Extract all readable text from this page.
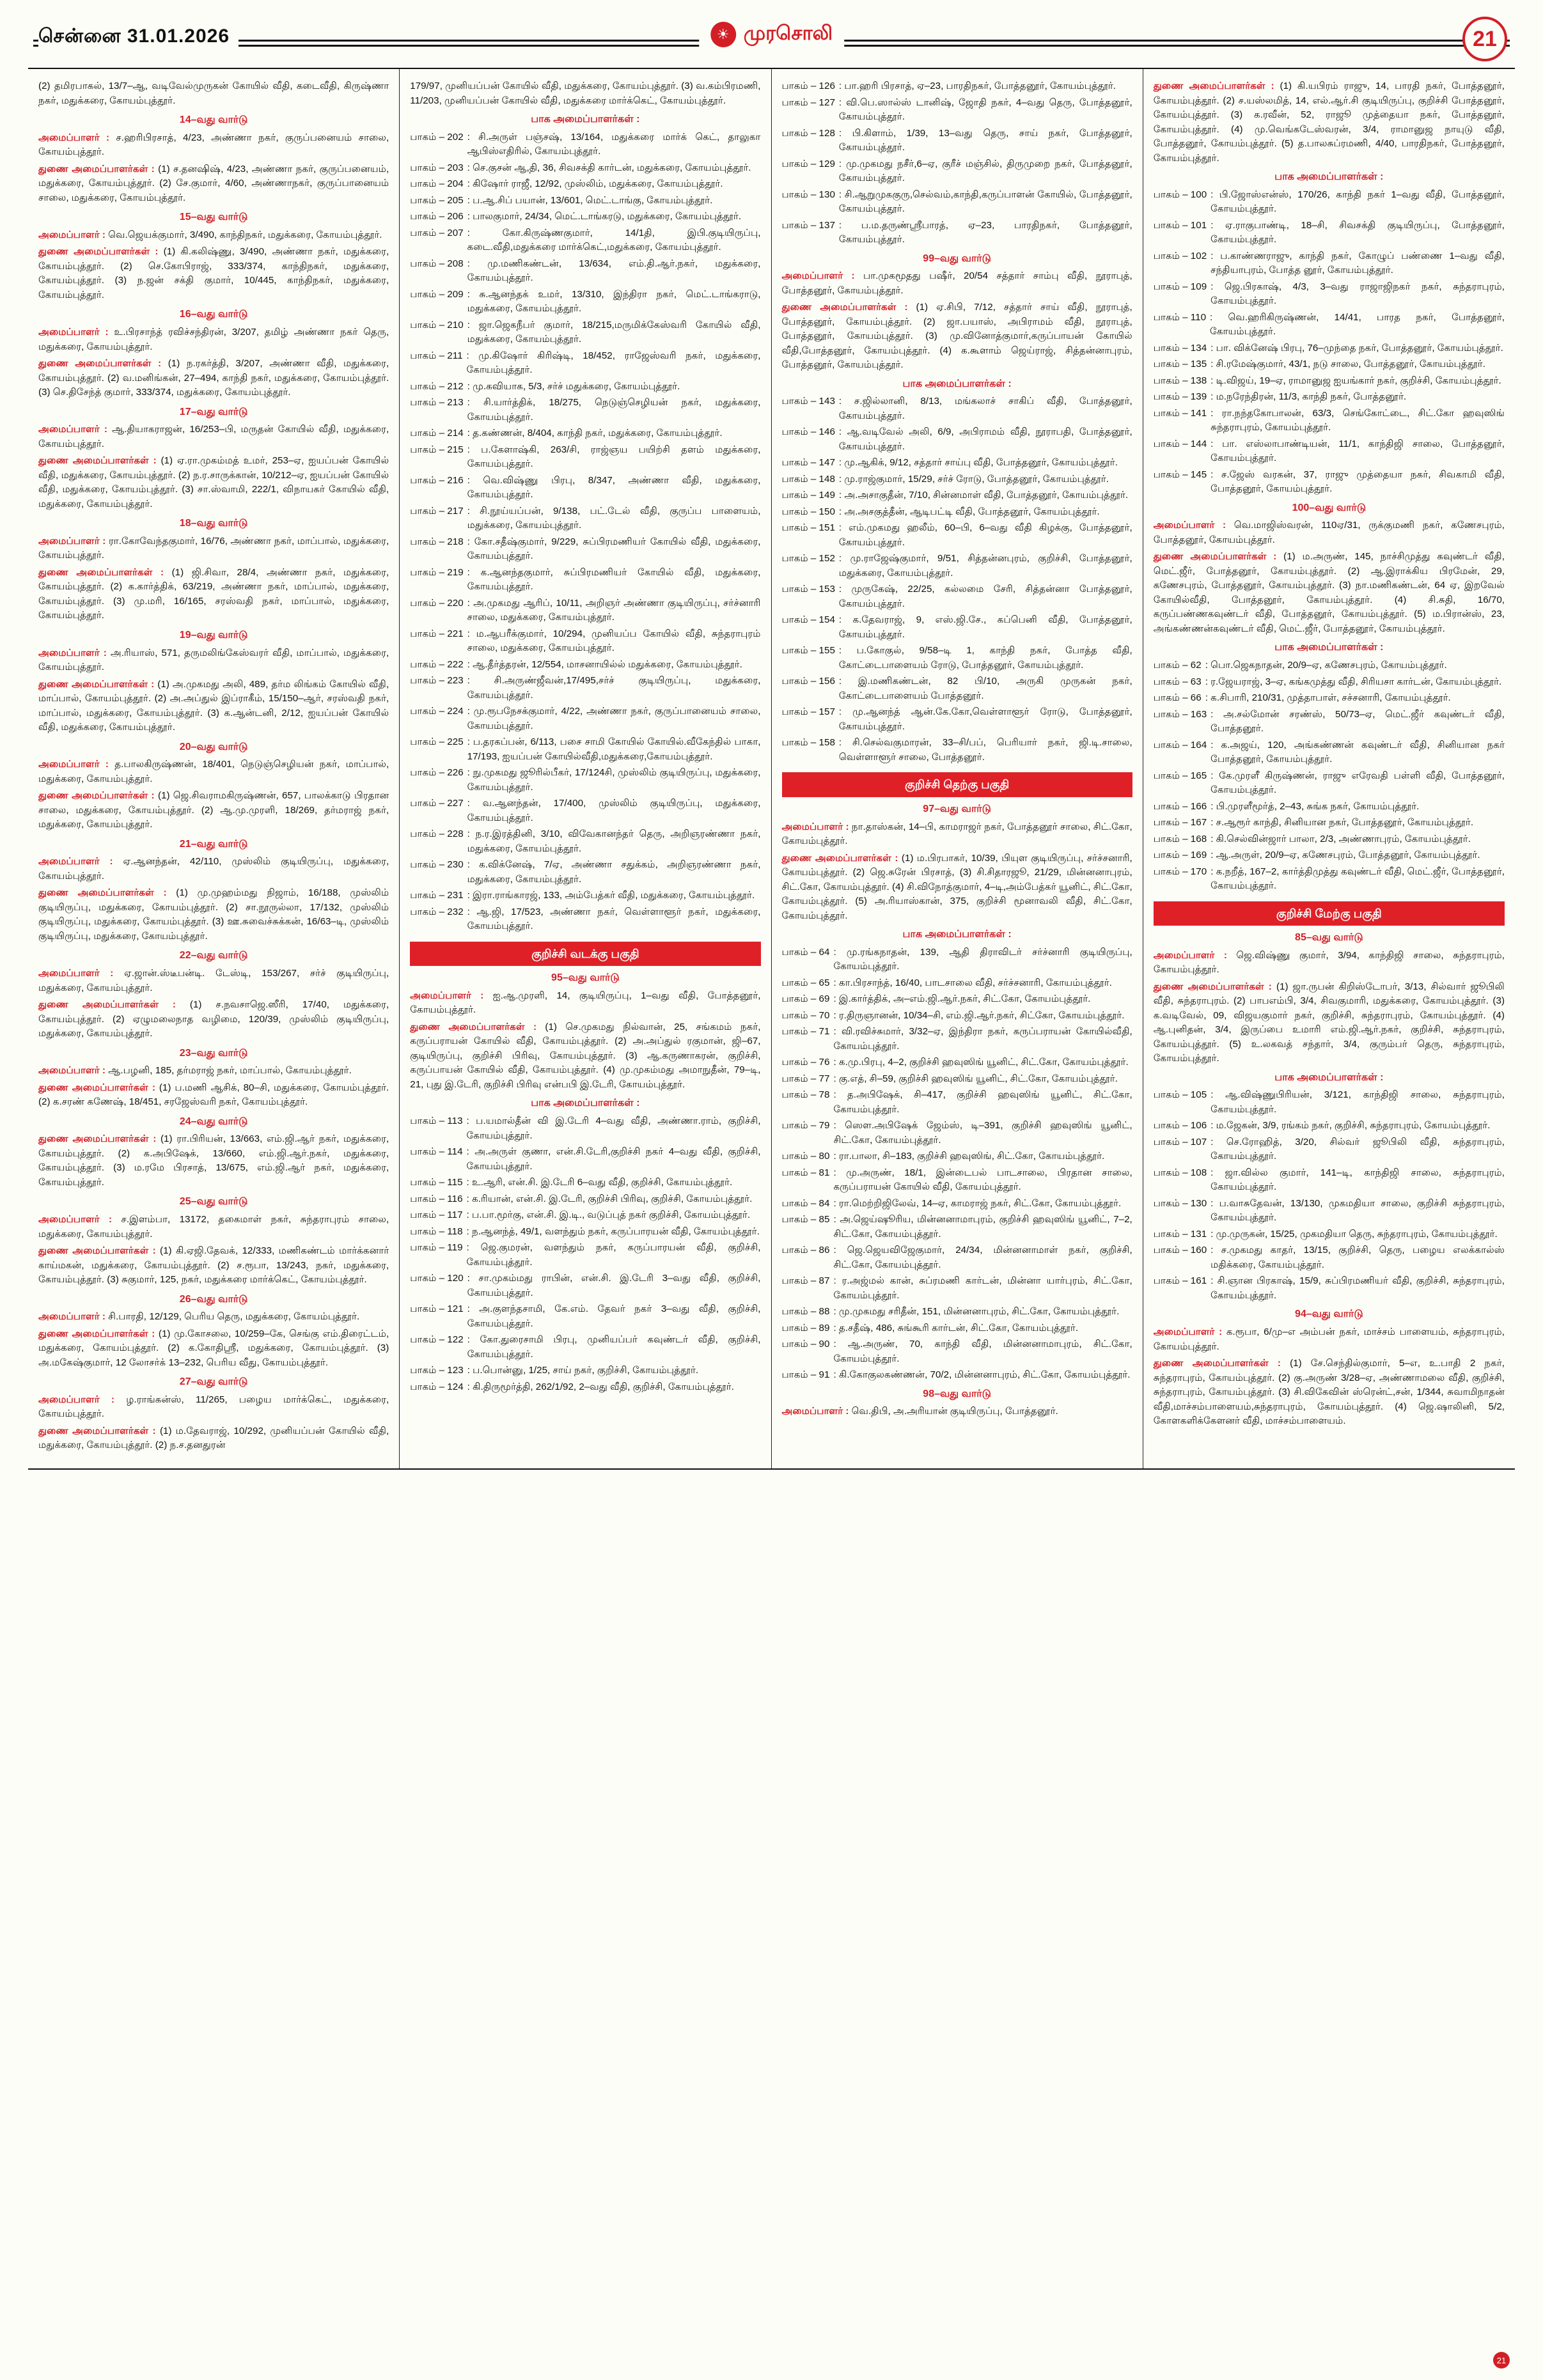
சென்னை 31.01.2026	☀ முரசொலி	21

(2) தமிரபாகல், 13/7–ஆ, வடிவேல்முருகன் கோயில் வீதி, கடைவீதி, கிருஷ்ணா நகர், மதுக்கரை, கோயம்புத்தூர்.

14–வது வார்டு

அமைப்பாளர் : ச.ஹரிபிரசாத், 4/23, அண்ணா நகர், குருப்பனையம் சாலை, கோயம்புத்தூர்.

துணை அமைப்பாளர்கள் : (1) ச.தனஷிஷ், 4/23, அண்ணா நகர், குருப்பனையம், மதுக்கரை, கோயம்புத்தூர். (2) சே.குமார், 4/60, அண்ணாநகர், குருப்பானையம் சாலை, மதுக்கரை, கோயம்புத்தூர்.

15–வது வார்டு

அமைப்பாளர் : வெ.ஜெயக்குமார், 3/490, காந்திநகர், மதுக்கரை, கோயம்புத்தூர்.

துணை அமைப்பாளர்கள் : (1) கி.கலிஷ்ணு, 3/490, அண்ணா நகர், மதுக்கரை, கோயம்புத்தூர். (2) செ.கோபிராஜ், 333/374, காந்திநகர், மதுக்கரை, கோயம்புத்தூர். (3) ந.ஜன் சக்தி குமார், 10/445, காந்திநகர், மதுக்கரை, கோயம்புத்தூர்.

16–வது வார்டு

அமைப்பாளர் : உ.பிரசாந்த் ரவிச்சந்திரன், 3/207, தமிழ் அண்ணா நகர் தெரு, மதுக்கரை, கோயம்புத்தூர்.

துணை அமைப்பாளர்கள் : (1) ந.ரகர்த்தி, 3/207, அண்ணா வீதி, மதுக்கரை, கோயம்புத்தூர். (2) வ.மனிங்கன், 27–494, காந்தி நகர், மதுக்கரை, கோயம்புத்தூர். (3) செ.திசேந்த் குமார், 333/374, மதுக்கரை, கோயம்புத்தூர்.

17–வது வார்டு

அமைப்பாளர் : ஆ.தியாகராஜன், 16/253–பி, மருதன் கோயில் வீதி, மதுக்கரை, கோயம்புத்தூர்.

துணை அமைப்பாளர்கள் : (1) ஏ.ரா.முகம்மத் உமர், 253–ஏ, ஐயப்பன் கோயில் வீதி, மதுக்கரை, கோயம்புத்தூர். (2) ந.ர.சாருக்கான், 10/212–ஏ, ஐயப்பன் கோயில் வீதி, மதுக்கரை, கோயம்புத்தூர். (3) சா.ஸ்வாமி, 222/1, விநாயகர் கோயில் வீதி, மதுக்கரை, கோயம்புத்தூர்.

18–வது வார்டு

அமைப்பாளர் : ரா.கோவேந்தகுமார், 16/76, அண்ணா நகர், மாப்பால், மதுக்கரை, கோயம்புத்தூர்.

துணை அமைப்பாளர்கள் : (1) ஜி.சிவா, 28/4, அண்ணா நகர், மதுக்கரை, கோயம்புத்தூர். (2) க.கார்த்திக், 63/219, அண்ணா நகர், மாப்பால், மதுக்கரை, கோயம்புத்தூர். (3) மு.மரி, 16/165, சரஸ்வதி நகர், மாப்பால், மதுக்கரை, கோயம்புத்தூர்.

19–வது வார்டு

அமைப்பாளர் : அ.ரியாஸ், 571, தருமலிங்கேஸ்வரர் வீதி, மாப்பால், மதுக்கரை, கோயம்புத்தூர்.

துணை அமைப்பாளர்கள் : (1) அ.முகமது அலி, 489, தர்ம லிங்கம் கோயில் வீதி, மாப்பால், கோயம்புத்தூர். (2) அ.அப்துல் இப்ராகீம், 15/150–ஆர், சரஸ்வதி நகர், மாப்பால், மதுக்கரை, கோயம்புத்தூர். (3) க.ஆன்டனி, 2/12, ஐயப்பன் கோயில் வீதி, மதுக்கரை, கோயம்புத்தூர்.

20–வது வார்டு

அமைப்பாளர் : த.பாலகிருஷ்ணன், 18/401, நெடுஞ்செழியன் நகர், மாப்பால், மதுக்கரை, கோயம்புத்தூர்.

துணை அமைப்பாளர்கள் : (1) ஜெ.சிவராமகிருஷ்ணன், 657, பாலக்காடு பிரதான சாலை, மதுக்கரை, கோயம்புத்தூர். (2) ஆ.மு.முரளி, 18/269, தர்மராஜ் நகர், மதுக்கரை, கோயம்புத்தூர்.

21–வது வார்டு

அமைப்பாளர் : ஏ.ஆனந்தன், 42/110, முஸ்லிம் குடியிருப்பு, மதுக்கரை, கோயம்புத்தூர்.

துணை அமைப்பாளர்கள் : (1) மு.முஹம்மது நிஜாம், 16/188, முஸ்லிம் குடியிருப்பு, மதுக்கரை, கோயம்புத்தூர். (2) சா.நூருல்லா, 17/132, முஸ்லிம் குடியிருப்பு, மதுக்கரை, கோயம்புத்தூர். (3) ஊ.சுவைச்சுக்கன், 16/63–டி, முஸ்லிம் குடியிருப்பு, மதுக்கரை, கோயம்புத்தூர்.

22–வது வார்டு

அமைப்பாளர் : ஏ.ஜான்.ஸ்டீபன்டி. டேஸ்டி, 153/267, சர்ச் குடியிருப்பு, மதுக்கரை, கோயம்புத்தூர்.

துணை அமைப்பாளர்கள் : (1) ச.நவசாஜெ.ஸீரி, 17/40, மதுக்கரை, கோயம்புத்தூர். (2) ஏழுமலைநாத வழிமை, 120/39, முஸ்லிம் குடியிருப்பு, மதுக்கரை, கோயம்புத்தூர்.

23–வது வார்டு

அமைப்பாளர் : ஆ.பழனி, 185, தர்மராஜ் நகர், மாப்பால், கோயம்புத்தூர்.

துணை அமைப்பாளர்கள் : (1) ப.மணி ஆசிக், 80–சி, மதுக்கரை, கோயம்புத்தூர். (2) க.சரண் கணேஷ், 18/451, சரஜேஸ்வரி நகர், கோயம்புத்தூர்.

24–வது வார்டு

துணை அமைப்பாளர்கள் : (1) ரா.பிரியன், 13/663, எம்.ஜி.ஆர் நகர், மதுக்கரை, கோயம்புத்தூர். (2) க.அபிஷேக், 13/660, எம்.ஜி.ஆர்.நகர், மதுக்கரை, கோயம்புத்தூர். (3) ம.ரமே பிரசாத், 13/675, எம்.ஜி.ஆர் நகர், மதுக்கரை, கோயம்புத்தூர்.

25–வது வார்டு

அமைப்பாளர் : ச.இளம்பா, 13172, தகைமாள் நகர், சுந்தராபுரம் சாலை, மதுக்கரை, கோயம்புத்தூர்.

துணை அமைப்பாளர்கள் : (1) கி.ஏஜி.தேவக், 12/333, மணிகண்டம் மார்க்கனார் காய்மகன், மதுக்கரை, கோயம்புத்தூர். (2) ச.ரூபா, 13/243, நகர், மதுக்கரை, கோயம்புத்தூர். (3) சுகுமார், 125, நகர், மதுக்கரை மார்க்கெட், கோயம்புத்தூர்.

26–வது வார்டு

அமைப்பாளர் : சி.பாரதி, 12/129, பெரிய தெரு, மதுக்கரை, கோயம்புத்தூர்.

துணை அமைப்பாளர்கள் : (1) மு.கோசலை, 10/259–கே, செங்கு எம்.திரைட்டம், மதுக்கரை, கோயம்புத்தூர். (2) க.கோதிஸ்ரீ, மதுக்கரை, கோயம்புத்தூர். (3) அ.மகேஷ்குமார், 12 லோசர்க் 13–232, பெரிய வீது, கோயம்புத்தூர்.

27–வது வார்டு

அமைப்பாளர் : ழ.ராங்கன்ஸ், 11/265, பழைய மார்க்கெட், மதுக்கரை, கோயம்புத்தூர்.

துணை அமைப்பாளர்கள் : (1) ம.தேவராஜ், 10/292, முனியப்பன் கோயில் வீதி, மதுக்கரை, கோயம்புத்தூர். (2) ந.ச.தனதுரன்

179/97, முனியப்பன் கோயில் வீதி, மதுக்கரை, கோயம்புத்தூர். (3) வ.கம்பிரமணி, 11/203, முனியப்பன் கோயில் வீதி, மதுக்கரை மார்க்கெட், கோயம்புத்தூர்.

பாக அமைப்பாளர்கள் :
பாகம் – 202 : சி.அருள் பஞ்சஷ், 13/164, மதுக்கரை மார்க் கெட், தாலுகா ஆபிஸ்எதிரில், கோயம்புத்தூர்.
பாகம் – 203 : செ.குசன் ஆ,தி, 36, சிவசக்தி கார்டன், மதுக்கரை, கோயம்புத்தூர்.
பாகம் – 204 : கிஷோர் ராஜீ, 12/92, முஸ்லிம், மதுக்கரை, கோயம்புத்தூர்.
பாகம் – 205 : ப.ஆ.சிப் பயான், 13/601, மெட்.டாங்கு, கோயம்புத்தூர்.
பாகம் – 206 : பாலகுமார், 24/34, மெட்.டாங்கரடு, மதுக்கரை, கோயம்புத்தூர்.
பாகம் – 207 : கோ.கிருஷ்ணகுமார், 14/1தி, இபி.குடியிருப்பு, கடை.வீதி,மதுக்கரை மார்க்கெட்,மதுக்கரை, கோயம்புத்தூர்.
பாகம் – 208 : மு.மணிகண்டன், 13/634, எம்.தி.ஆர்.நகர், மதுக்கரை, கோயம்புத்தூர்.
பாகம் – 209 : சு.ஆனந்தக் உமர், 13/310, இந்திரா நகர், மெட்.டாங்கராடு, மதுக்கரை, கோயம்புத்தூர்.
பாகம் – 210 : ஜா.ஜெகநீபர் குமார், 18/215,மருமிக்கேஸ்வரி கோயில் வீதி, மதுக்கரை, கோயம்புத்தூர்.
பாகம் – 211 : மு.கிஷோர் கிரிஷ்டி, 18/452, ராஜேஸ்வரி நகர், மதுக்கரை, கோயம்புத்தூர்.
பாகம் – 212 : மு.கவியாக, 5/3, சர்ச் மதுக்கரை, கோயம்புத்தூர்.
பாகம் – 213 : சி.யார்த்திக், 18/275, நெடுஞ்செழியன் நகர், மதுக்கரை, கோயம்புத்தூர்.
பாகம் – 214 : த.கண்ணன், 8/404, காந்தி நகர், மதுக்கரை, கோயம்புத்தூர்.
பாகம் – 215 : ப.கேளாஷ்கி, 263/சி, ராஜ்ஞய பயிற்சி தளம் மதுக்கரை, கோயம்புத்தூர்.
பாகம் – 216 : வெ.விஷ்ணு பிரபு, 8/347, அண்ணா வீதி, மதுக்கரை, கோயம்புத்தூர்.
பாகம் – 217 : சி.நூய்யப்பன், 9/138, பட்.டேல் வீதி, குருப்ப பாளையம், மதுக்கரை, கோயம்புத்தூர்.
பாகம் – 218 : கோ.சதீஷ்குமார், 9/229, சுப்பிரமணியர் கோயில் வீதி, மதுக்கரை, கோயம்புத்தூர்.
பாகம் – 219 : க.ஆனந்தகுமார், சுப்பிரமணியர் கோயில் வீதி, மதுக்கரை, கோயம்புத்தூர்.
பாகம் – 220 : அ.முகமது ஆரிப், 10/11, அறிஞர் அண்ணா குடியிருப்பு, சர்ச்னாரி சாலை, மதுக்கரை, கோயம்புத்தூர்.
பாகம் – 221 : ம.ஆபரீக்குமார், 10/294, முனியப்ப கோயில் வீதி, சுந்தராபுரம் சாலை, மதுக்கரை, கோயம்புத்தூர்.
பாகம் – 222 : ஆ.தீர்த்தரன், 12/554, மாசனாயில்ல் மதுக்கரை, கோயம்புத்தூர்.
பாகம் – 223 : சி.அருண்ஜீவன்,17/495,சர்ச் குடியிருப்பு, மதுக்கரை, கோயம்புத்தூர்.
பாகம் – 224 : மு.ரூபநேசக்குமார், 4/22, அண்ணா நகர், குருப்பானையம் சாலை, கோயம்புத்தூர்.
பாகம் – 225 : ப.தரகப்பன், 6/113, பசை சாமி கோயில் கோயில்.வீகேந்தில் பாகா, 17/193, ஐயப்பன் கோயில்வீதி,மதுக்கரை,கோயம்புத்தூர்.
பாகம் – 226 : நு.முகமது ஜூரில்பீகர், 17/124சி, முஸ்லிம் குடியிருப்பு, மதுக்கரை, கோயம்புத்தூர்.
பாகம் – 227 : வ.ஆனந்தன், 17/400, முஸ்லிம் குடியிருப்பு, மதுக்கரை, கோயம்புத்தூர்.
பாகம் – 228 : ந.ர.இரத்தினி, 3/10, விவேகானந்தர் தெரு, அறிஞரண்ணா நகர், மதுக்கரை, கோயம்புத்தூர்.
பாகம் – 230 : க.விக்னேஷ், 7/ஏ, அண்ணா சதுக்கம், அறிஞரண்ணா நகர், மதுக்கரை, கோயம்புத்தூர்.
பாகம் – 231 : இரா.ராங்காரஜ், 133, அம்பேத்கர் வீதி, மதுக்கரை, கோயம்புத்தூர்.
பாகம் – 232 : ஆ.ஜி, 17/523, அண்ணா நகர், வெள்ளாளூர் நகர், மதுக்கரை, கோயம்புத்தூர்.
குறிச்சி வடக்கு பகுதி
95–வது வார்டு

அமைப்பாளர் : ஐ.ஆ.முரளி, 14, குடியிருப்பு, 1–வது வீதி, போத்தனூர், கோயம்புத்தூர்.

துணை அமைப்பாளர்கள் : (1) செ.முகமது நில்வான், 25, சங்கமம் நகர், கருப்பராயன் கோயில் வீதி, கோயம்புத்தூர். (2) அ.அப்துல் ரகுமான், ஜி–67, குடியிருப்பு, குறிச்சி பிரிவு, கோயம்புத்தூர். (3) ஆ.கருணாகரன், குறிச்சி, கருப்பாயன் கோயில் வீதி, கோயம்புத்தூர். (4) மு.முகம்மது அமாநுதீன், 79–டி, 21, புது இ.டேரி, குறிச்சி பிரிவு என்பபி இ.டேரி, கோயம்புத்தூர்.

பாக அமைப்பாளர்கள் :
பாகம் – 113 : ப.யமால்தீன் வி இ.டேரி 4–வது வீதி, அண்ணா.ராம், குறிச்சி, கோயம்புத்தூர்.
பாகம் – 114 : அ.அருள் குணா, என்.சி.டேரி,குறிச்சி நகர் 4–வது வீதி, குறிச்சி, கோயம்புத்தூர்.
பாகம் – 115 : உ.ஆரி, என்.சி. இ.டேரி 6–வது வீதி, குறிச்சி, கோயம்புத்தூர்.
பாகம் – 116 : க.ரியான், என்.சி. இ.டேரி, குறிச்சி பிரிவு, குறிச்சி, கோயம்புத்தூர்.
பாகம் – 117 : ப.பா.மூர்கு, என்.சி. இ.டி., வடுப்புத் நகர் குறிச்சி, கோயம்புத்தூர்.
பாகம் – 118 : ந.ஆனந்த், 49/1, வளந்தும் நகர், கருப்பாரயன் வீதி, கோயம்புத்தூர்.
பாகம் – 119 : ஜெ.குமரன், வளந்தும் நகர், கருப்பாரயன் வீதி, குறிச்சி, கோயம்புத்தூர்.
பாகம் – 120 : சா.முகம்மது ராபின், என்.சி. இ.டேரி 3–வது வீதி, குறிச்சி, கோயம்புத்தூர்.
பாகம் – 121 : அ.குளந்தசாமி, கே.எம். தேவர் நகர் 3–வது வீதி, குறிச்சி, கோயம்புத்தூர்.
பாகம் – 122 : கோ.துரைசாமி பிரபு, முனியப்பர் கவுண்டர் வீதி, குறிச்சி, கோயம்புத்தூர்.
பாகம் – 123 : ப.பொன்னு, 1/25, சாய் நகர், குறிச்சி, கோயம்புத்தூர்.
பாகம் – 124 : கி.திருமூர்த்தி, 262/1/92, 2–வது வீதி, குறிச்சி, கோயம்புத்தூர்.
பாகம் – 126 : பா.ஹரி பிரசாத், ஏ–23, பாரதிநகர், போத்தனூர், கோயம்புத்தூர்.
பாகம் – 127 : வி.பெ.ஸால்ஸ் டானிஷ், ஜோதி நகர், 4–வது தெரு, போத்தனூர், கோயம்புத்தூர்.
பாகம் – 128 : பி.கிளாம், 1/39, 13–வது தெரு, சாய் நகர், போத்தனூர், கோயம்புத்தூர்.
பாகம் – 129 : மு.முகமது நசீர்,6–ஏ, குரீச் மஞ்சில், திருமுறை நகர், போத்தனூர், கோயம்புத்தூர்.
பாகம் – 130 : சி.ஆறுமுககுரு,செல்வம்,காந்தி,கருப்பாளன் கோயில், போத்தனூர், கோயம்புத்தூர்.
பாகம் – 137 : ப.ம.தருண்ஸ்ரீபாரத், ஏ–23, பாரதிநகர், போத்தனூர், கோயம்புத்தூர்.
99–வது வார்டு

அமைப்பாளர் : பா.முகமூதது பஷீர், 20/54 சத்தார் சாம்பு வீதி, நூராபுத், போத்தனூர், கோயம்புத்தூர்.

துணை அமைப்பாளர்கள் : (1) ஏ.சிபி, 7/12, சத்தார் சாய் வீதி, நூராபுத், போத்தனூர், கோயம்புத்தூர். (2) ஜா.பயாஸ், அபிராமம் வீதி, நூராபுத், போத்தனூர், கோயம்புத்தூர். (3) மு.வினோத்குமார்,கருப்பாயன் கோயில் வீதி,போத்தனூர், கோயம்புத்தூர். (4) க.கூளாம் ஜெய்ராஜ், சித்தன்னாபுரம், போத்தனூர், கோயம்புத்தூர்.

பாக அமைப்பாளர்கள் :
பாகம் – 143 : ச.ஜில்லானி, 8/13, மங்கலாச் சாகிப் வீதி, போத்தனூர், கோயம்புத்தூர்.
பாகம் – 146 : ஆ.வடிவேல் அலி, 6/9, அபிராமம் வீதி, நூராபதி, போத்தனூர், கோயம்புத்தூர்.
பாகம் – 147 : மு.ஆகிக், 9/12, சத்தார் சாய்பு வீதி, போத்தனூர், கோயம்புத்தூர்.
பாகம் – 148 : மு.ராஜ்குமார், 15/29, சர்ச் ரோடு, போத்தனூர், கோயம்புத்தூர்.
பாகம் – 149 : அ.அசாகுதீன், 7/10, சின்னமாள் வீதி, போத்தனூர், கோயம்புத்தூர்.
பாகம் – 150 : அ.அசகுத்தீன், ஆடிபட்டி வீதி, போத்தனூர், கோயம்புத்தூர்.
பாகம் – 151 : எம்.முகமது ஹலீம், 60–பி, 6–வது வீதி கிழக்கு, போத்தனூர், கோயம்புத்தூர்.
பாகம் – 152 : மு.ராஜேஷ்குமார், 9/51, சித்தன்னபுரம், குறிச்சி, போத்தனூர், மதுக்கரை, கோயம்புத்தூர்.
பாகம் – 153 : முருகேஷ், 22/25, கல்லமை சேரி, சித்தன்னா போத்தனூர், கோயம்புத்தூர்.
பாகம் – 154 : க.தேவராஜ், 9, எஸ்.ஜி.சே., கப்பெனி வீதி, போத்தனூர், கோயம்புத்தூர்.
பாகம் – 155 : ப.கோகுல், 9/58–டி 1, காந்தி நகர், போத்த வீதி, கோட்டைபாளையம் ரோடு, போத்தனூர், கோயம்புத்தூர்.
பாகம் – 156 : இ.மணிகண்டன், 82 பி/10, அருகி முருகன் நகர், கோட்டைபாளையம் போத்தனூர்.
பாகம் – 157 : மு.ஆனந்த் ஆன்.கே.கோ,வெள்ளாளூர் ரோடு, போத்தனூர், கோயம்புத்தூர்.
பாகம் – 158 : சி.செல்வகுமாரன், 33–சி/பப், பெரியார் நகர், ஜி.டி.சாலை, வெள்ளாளூர் சாலை, போத்தனூர்.
குறிச்சி தெற்கு பகுதி
97–வது வார்டு

அமைப்பாளர் : நா.தாஸ்கன், 14–பி, காமராஜர் நகர், போத்தனூர் சாலை, சிட்.கோ, கோயம்புத்தூர்.

துணை அமைப்பாளர்கள் : (1) ம.பிரபாகர், 10/39, பியுள குடியிருப்பு, சர்ச்சனாரி, கோயம்புத்தூர். (2) ஜெ.சுரேன் பிரசாத், (3) சி.சிதாரஜூ, 21/29, மின்னனாபுரம், சிட்.கோ, கோயம்புத்தூர். (4) சி.விநோத்குமார், 4–டி,அம்பேத்கர் யூனிட், சிட்.கோ, கோயம்புத்தூர். (5) அ.ரியாஸ்கான், 375, குறிச்சி மூனாவலி வீதி, சிட்.கோ, கோயம்புத்தூர்.

பாக அமைப்பாளர்கள் :
பாகம் – 64 : மு.ரங்கநாதன், 139, ஆதி திராவிடர் சர்ச்னாரி குடியிருப்பு, கோயம்புத்தூர்.
பாகம் – 65 : கா.பிரசாந்த், 16/40, பாடசாலை வீதி, சர்ச்சனாரி, கோயம்புத்தூர்.
பாகம் – 69 : இ.கார்த்திக், அ–எம்.ஜி.ஆர்.நகர், சிட்.கோ, கோயம்புத்தூர்.
பாகம் – 70 : ர.திருஞானன், 10/34–சி, எம்.ஜி.ஆர்.நகர், சிட்கோ, கோயம்புத்தூர்.
பாகம் – 71 : வி.ரவிச்சுமார், 3/32–ஏ, இந்திரா நகர், கருப்பராயன் கோயில்வீதி, கோயம்புத்தூர்.
பாகம் – 76 : க.மு.பிரபு, 4–2, குறிச்சி ஹவுஸிங் யூனிட், சிட்.கோ, கோயம்புத்தூர்.
பாகம் – 77 : கு.எத், சி–59, குறிச்சி ஹவுஸிங் யூனிட், சிட்.கோ, கோயம்புத்தூர்.
பாகம் – 78 : த.அபிஷேக், சி–417, குறிச்சி ஹவுஸிங் யூனிட், சிட்.கோ, கோயம்புத்தூர்.
பாகம் – 79 : ஸௌ.அபிஷேக் ஜேம்ஸ், டி–391, குறிச்சி ஹவுஸிங் யூனிட், சிட்.கோ, கோயம்புத்தூர்.
பாகம் – 80 : ரா.பாலா, சி–183, குறிச்சி ஹவுஸிங், சிட்.கோ, கோயம்புத்தூர்.
பாகம் – 81 : மு.அருண், 18/1, இன்டைபல் பாடசாலை, பிரதான சாலை, கருப்பராயன் கோயில் வீதி, கோயம்புத்தூர்.
பாகம் – 84 : ரா.மெற்றிஜிலேவ், 14–ஏ, காமராஜ் நகர், சிட்.கோ, கோயம்புத்தூர்.
பாகம் – 85 : அ.ஜெய்ஷூரிய, மின்னனாமாபுரம், குறிச்சி ஹவுஸிங் யூனிட், 7–2, சிட்.கோ, கோயம்புத்தூர்.
பாகம் – 86 : ஜெ.ஜெயவிஜேகுமார், 24/34, மின்னனாமாள் நகர், குறிச்சி, சிட்.கோ, கோயம்புத்தூர்.
பாகம் – 87 : ர.அஜ்மல் கான், சுப்ரமணி கார்டன், மின்னா யார்புரம், சிட்.கோ, கோயம்புத்தூர்.
பாகம் – 88 : மு.முகமது சரிதீன், 151, மின்னனாபுரம், சிட்.கோ, கோயம்புத்தூர்.
பாகம் – 89 : த.சதீஷ், 486, சுங்கூரி கார்டன், சிட்.கோ, கோயம்புத்தூர்.
பாகம் – 90 : ஆ.அருண், 70, காந்தி வீதி, மின்னனாமாபுரம், சிட்.கோ, கோயம்புத்தூர்.
பாகம் – 91 : கி.கோகுலகண்ணன், 70/2, மின்னனாபுரம், சிட்.கோ, கோயம்புத்தூர்.
98–வது வார்டு

அமைப்பாளர் : வெ.திபி, அ.அரியான் குடியிருப்பு, போத்தனூர்.

துணை அமைப்பாளர்கள் : (1) கி.யபிரம் ராஜு, 14, பாரதி நகர், போத்தனூர், கோயம்புத்தூர். (2) ச.யஸ்லமித், 14, எல்.ஆர்.சி குடியிருப்பு, குறிச்சி போத்தனூர், கோயம்புத்தூர். (3) க.ரவீன், 52, ராஜூ முத்தையா நகர், போத்தனூர், கோயம்புத்தூர். (4) மு.வெங்கடேஸ்வரன், 3/4, ராமானுஜ நாயுடு வீதி, போத்தனூர், கோயம்புத்தூர். (5) த.பாலசுப்ரமணி, 4/40, பாரதிநகர், போத்தனூர், கோயம்புத்தூர்.

பாக அமைப்பாளர்கள் :
பாகம் – 100 : பி.ஜோஸ்என்ஸ், 170/26, காந்தி நகர் 1–வது வீதி, போத்தனூர், கோயம்புத்தூர்.
பாகம் – 101 : ஏ.ராகுபாண்டி, 18–சி, சிவசக்தி குடியிருப்பு, போத்தனூர், கோயம்புத்தூர்.
பாகம் – 102 : ப.காண்ணராஜு, காந்தி நகர், கோழுப் பண்ணை 1–வது வீதி, சந்தியாபுரம், போத்த னூர், கோயம்புத்தூர்.
பாகம் – 109 : ஜெ.பிரகாஷ், 4/3, 3–வது ராஜாஜிநகர் நகர், சுந்தராபுரம், கோயம்புத்தூர்.
பாகம் – 110 : வெ.ஹரிகிருஷ்ணன், 14/41, பாரத நகர், போத்தனூர், கோயம்புத்தூர்.
பாகம் – 134 : பா. விக்னேஷ் பிரபு, 76–முந்தை நகர், போத்தனூர், கோயம்புத்தூர்.
பாகம் – 135 : சி.ரமேஷ்குமார், 43/1, நடு சாலை, போத்தனூர், கோயம்புத்தூர்.
பாகம் – 138 : டி.விஜய், 19–ஏ, ராமானுஜ ஐயங்கார் நகர், குறிச்சி, கோயம்புத்தூர்.
பாகம் – 139 : ம.நரேந்திரன், 11/3, காந்தி நகர், போத்தனூர்.
பாகம் – 141 : ரா.நந்தகோபாலன், 63/3, செங்கோட்டை, சிட்.கோ ஹவுஸிங் சுந்தராபுரம், கோயம்புத்தூர்.
பாகம் – 144 : பா. எஸ்லாபாண்டியன், 11/1, காந்திஜி சாலை, போத்தனூர், கோயம்புத்தூர்.
பாகம் – 145 : ச.ஜேஸ் வரகன், 37, ராஜு முத்தையா நகர், சிவகாமி வீதி, போத்தனூர், கோயம்புத்தூர்.
100–வது வார்டு

அமைப்பாளர் : வெ.மாஜிஸ்வரன், 110ஏ/31, ருக்குமணி நகர், கணேசபுரம், போத்தனூர், கோயம்புத்தூர்.

துணை அமைப்பாளர்கள் : (1) ம.அருண், 145, நாச்சிமுத்து கவுண்டர் வீதி, மெட்.ஜீர், போத்தனூர், கோயம்புத்தூர். (2) ஆ.இராக்கிய பிரமேன், 29, கணேசபுரம், போத்தனூர், கோயம்புத்தூர். (3) நா.மணிகண்டன், 64 ஏ, இறவேல் கோயில்வீதி, போத்தனூர், கோயம்புத்தூர். (4) சி.சுதி, 16/70, கருப்பண்ணகவுண்டர் வீதி, போத்தனூர், கோயம்புத்தூர். (5) ம.பிரான்ஸ், 23, அங்கண்ணன்கவுண்டர் வீதி, மெட்.ஜீர், போத்தனூர், கோயம்புத்தூர்.

பாக அமைப்பாளர்கள் :
பாகம் – 62 : பொ.ஜெகநாதன், 20/9–ஏ, கணேசபுரம், கோயம்புத்தூர்.
பாகம் – 63 : ர.ஜேயராஜ், 3–ஏ, கங்கமுத்து வீதி, சிரியசா கார்டன், கோயம்புத்தூர்.
பாகம் – 66 : க.சிபாரி, 210/31, முத்தாபாள், சச்சனாரி, கோயம்புத்தூர்.
பாகம் – 163 : அ.சல்மோன் சரண்ஸ், 50/73–ஏ, மெட்.ஜீர் கவுண்டர் வீதி, போத்தனூர்.
பாகம் – 164 : க.அஜய், 120, அங்கண்ணன் கவுண்டர் வீதி, சினியான நகர் போத்தனூர், கோயம்புத்தூர்.
பாகம் – 165 : கே.முரளீ கிருஷ்ணன், ராஜு எரேவதி பள்ளி வீதி, போத்தனூர், கோயம்புத்தூர்.
பாகம் – 166 : பி.முரளீமூர்த், 2–43, சுங்க நகர், கோயம்புத்தூர்.
பாகம் – 167 : ச.ஆரூர் காந்தி, சினியான நகர், போத்தனூர், கோயம்புத்தூர்.
பாகம் – 168 : கி.செல்வின்ஜார் பாலா, 2/3, அண்ணாபுரம், கோயம்புத்தூர்.
பாகம் – 169 : ஆ.அருள், 20/9–ஏ, கணேசபுரம், போத்தனூர், கோயம்புத்தூர்.
பாகம் – 170 : க.நறீத், 167–2, கார்த்திமுத்து கவுண்டர் வீதி, மெட்.ஜீர், போத்தனூர், கோயம்புத்தூர்.
குறிச்சி மேற்கு பகுதி
85–வது வார்டு

அமைப்பாளர் : ஜெ.விஷ்ணு குமார், 3/94, காந்திஜி சாலை, சுந்தராபுரம், கோயம்புத்தூர்.

துணை அமைப்பாளர்கள் : (1) ஜா.ருபன் கிறிஸ்டோபர், 3/13, சில்வார் ஜூபிலி வீதி, சுந்தராபுரம். (2) பாபஎம்பி, 3/4, சிவகுமாரி, மதுக்கரை, கோயம்புத்தூர். (3) க.வடிவேல், 09, விஜயகுமார் நகர், குறிச்சி, சுந்தராபுரம், கோயம்புத்தூர். (4) ஆ.புனிதன், 3/4, இருப்பை உமாரி எம்.ஜி.ஆர்.நகர், குறிச்சி, சுந்தராபுரம், கோயம்புத்தூர். (5) உ.லகவத் சந்தார், 3/4, குரும்பர் தெரு, சுந்தராபுரம், கோயம்புத்தூர்.

பாக அமைப்பாளர்கள் :
பாகம் – 105 : ஆ.விஷ்ணுபிரியன், 3/121, காந்திஜி சாலை, சுந்தராபுரம், கோயம்புத்தூர்.
பாகம் – 106 : ம.ஜேகன், 3/9, ரங்கம் நகர், குறிச்சி, சுந்தராபுரம், கோயம்புத்தூர்.
பாகம் – 107 : செ.ரோஹித், 3/20, சில்வர் ஜூபிலி வீதி, சுந்தராபுரம், கோயம்புத்தூர்.
பாகம் – 108 : ஜா.வில்ல குமார், 141–டி, காந்திஜி சாலை, சுந்தராபுரம், கோயம்புத்தூர்.
பாகம் – 130 : ப.வாசுதேவன், 13/130, முகமதியா சாலை, குறிச்சி சுந்தராபுரம், கோயம்புத்தூர்.
பாகம் – 131 : மு.முருகன், 15/25, முகமதியா தெரு, சுந்தராபுரம், கோயம்புத்தூர்.
பாகம் – 160 : ச.முகமது காதர், 13/15, குறிச்சி, தெரு, பழைய எலக்கால்ஸ் மதிக்கரை, கோயம்புத்தூர்.
பாகம் – 161 : சி.ஞான பிரகாஷ், 15/9, சுப்பிரமணியர் வீதி, குறிச்சி, சுந்தராபுரம், கோயம்புத்தூர்.
94–வது வார்டு

அமைப்பாளர் : க.ரூபா, 6/மு–எ அம்பன் நகர், மாச்சம் பாளையம், சுந்தராபுரம், கோயம்புத்தூர்.

துணை அமைப்பாளர்கள் : (1) சே.செந்தில்குமார், 5–எ, உ.பாதி 2 நகர், சுந்தராபுரம், கோயம்புத்தூர். (2) கு.அருண் 3/28–ஏ, அண்ணாமலை வீதி, குறிச்சி, சுந்தராபுரம், கோயம்புத்தூர். (3) சி.விகேவின் ஸ்ரென்ட்,சன், 1/344, சுவாமிநாதன் வீதி,மாச்சம்பாளையம்,சுந்தராபுரம், கோயம்புத்தூர். (4) ஜெ.ஷாலினி, 5/2, கோளகளிக்கேளனர் வீதி, மாச்சம்பாளையம்.

21
